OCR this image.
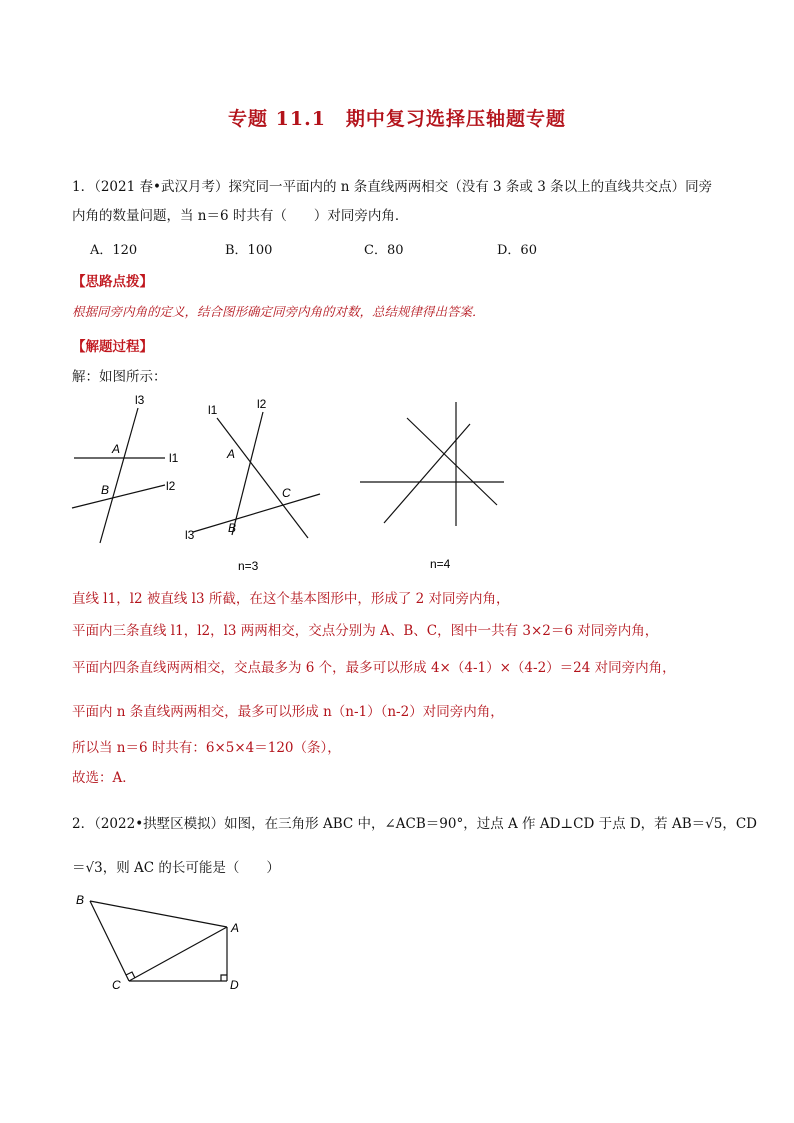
专题 11.1　期中复习选择压轴题专题
1．（2021 春•武汉月考）探究同一平面内的 n 条直线两两相交（没有 3 条或 3 条以上的直线共交点）同旁
内角的数量问题，当 n＝6 时共有（　　）对同旁内角．
A．120	B．100	C．80	D．60
【思路点拨】
根据同旁内角的定义，结合图形确定同旁内角的对数，总结规律得出答案．
【解题过程】
解：如图所示：
l3
l1
l2
A
B
l1	l2
l3
A
B
C
n=3	n=4
直线 l1，l2 被直线 l3 所截，在这个基本图形中，形成了 2 对同旁内角，
平面内三条直线 l1，l2，l3 两两相交，交点分别为 A、B、C，图中一共有 3×2＝6 对同旁内角，
平面内四条直线两两相交，交点最多为 6 个，最多可以形成 4×（4-1）×（4-2）＝24 对同旁内角，
平面内 n 条直线两两相交，最多可以形成 n（n-1）（n-2）对同旁内角，
所以当 n＝6 时共有：6×5×4＝120（条），
故选：A．
2．（2022•拱墅区模拟）如图，在三角形 ABC 中，∠ACB＝90°，过点 A 作 AD⊥CD 于点 D，若 AB＝√5，CD
＝√3，则 AC 的长可能是（　　）
B
A
C	D
